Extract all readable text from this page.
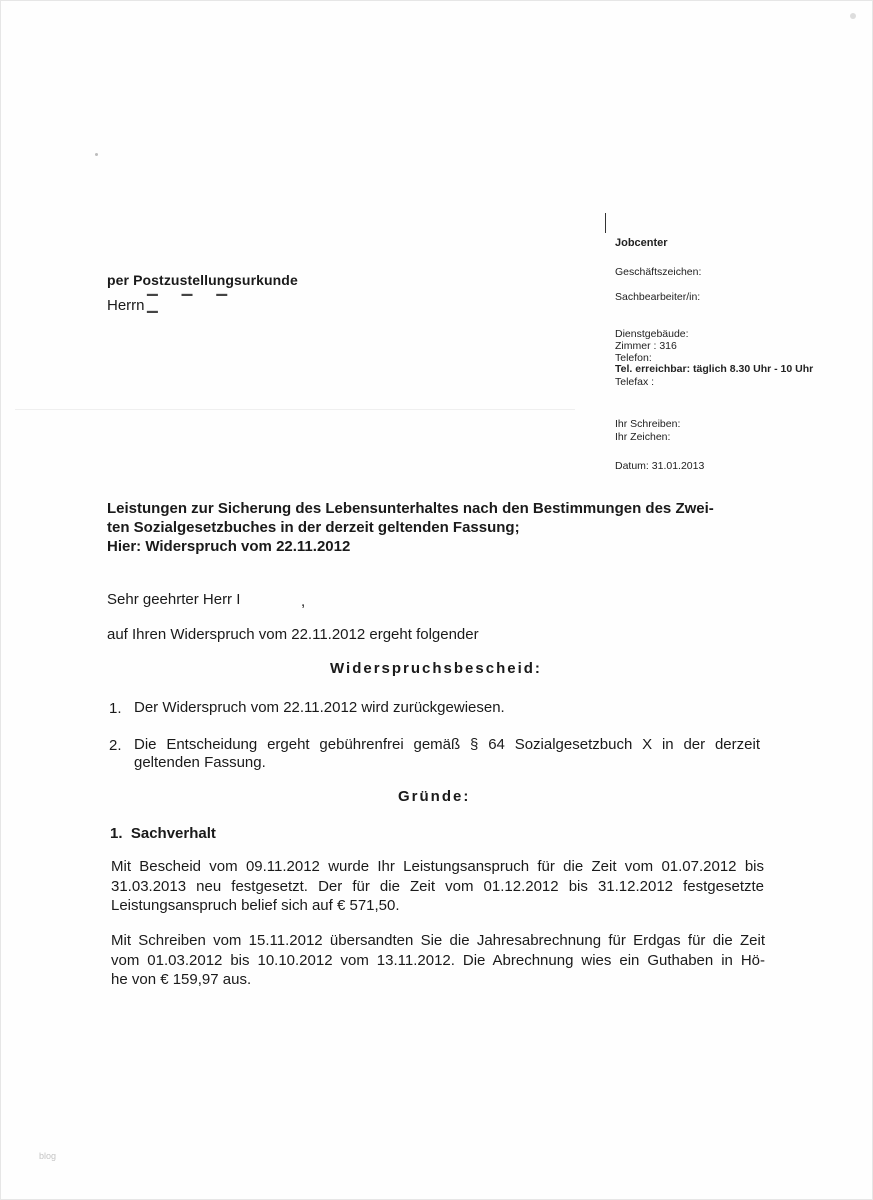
Jobcenter
Geschäftszeichen:
Sachbearbeiter/in:
Dienstgebäude:
Zimmer : 316
Telefon:
Tel. erreichbar: täglich 8.30 Uhr - 10 Uhr
Telefax :
Ihr Schreiben:
Ihr Zeichen:
Datum: 31.01.2013
per Postzustellungsurkunde
Herrn ▔ ▔ ▔ ▔
Leistungen zur Sicherung des Lebensunterhaltes nach den Bestimmungen des Zwei-
ten Sozialgesetzbuches in der derzeit geltenden Fassung;
Hier: Widerspruch vom 22.11.2012
Sehr geehrter Herr I	,
auf Ihren Widerspruch vom 22.11.2012 ergeht folgender
Widerspruchsbescheid:
1. Der Widerspruch vom 22.11.2012 wird zurückgewiesen.
2. Die Entscheidung ergeht gebührenfrei gemäß § 64 Sozialgesetzbuch X in der derzeit
geltenden Fassung.
Gründe:
1.  Sachverhalt
Mit Bescheid vom 09.11.2012 wurde Ihr Leistungsanspruch für die Zeit vom 01.07.2012 bis
31.03.2013 neu festgesetzt. Der für die Zeit vom 01.12.2012 bis 31.12.2012 festgesetzte
Leistungsanspruch belief sich auf € 571,50.
Mit Schreiben vom 15.11.2012 übersandten Sie die Jahresabrechnung für Erdgas für die Zeit
vom 01.03.2012 bis 10.10.2012 vom 13.11.2012. Die Abrechnung wies ein Guthaben in Hö-
he von € 159,97 aus.
blog
